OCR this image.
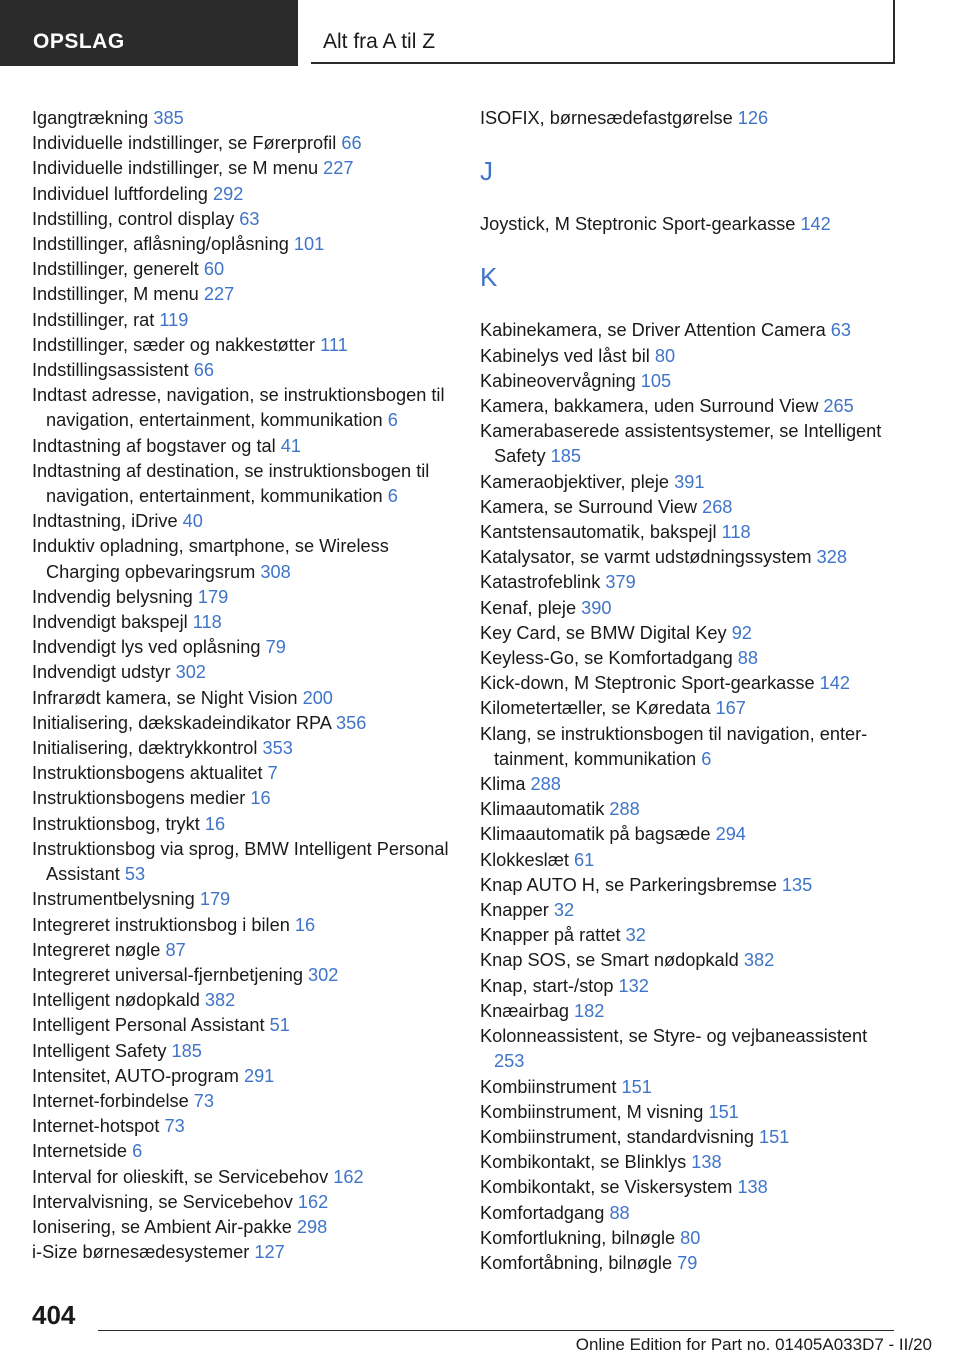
OPSLAG	Alt fra A til Z

Igangtrækning 385

Individuelle indstillinger, se Førerprofil 66

Individuelle indstillinger, se M menu 227

Individuel luftfordeling 292

Indstilling, control display 63

Indstillinger, aflåsning/oplåsning 101

Indstillinger, generelt 60

Indstillinger, M menu 227

Indstillinger, rat 119

Indstillinger, sæder og nakkestøtter 111

Indstillingsassistent 66

Indtast adresse, navigation, se instruktionsbogen til navigation, entertainment, kommunikation 6

Indtastning af bogstaver og tal 41

Indtastning af destination, se instruktionsbogen til navigation, entertainment, kommunikation 6

Indtastning, iDrive 40

Induktiv opladning, smartphone, se Wireless Charging opbevaringsrum 308

Indvendig belysning 179

Indvendigt bakspejl 118

Indvendigt lys ved oplåsning 79

Indvendigt udstyr 302

Infrarødt kamera, se Night Vision 200

Initialisering, dækskadeindikator RPA 356

Initialisering, dæktrykkontrol 353

Instruktionsbogens aktualitet 7

Instruktionsbogens medier 16

Instruktionsbog, trykt 16

Instruktionsbog via sprog, BMW Intelligent Personal Assistant 53

Instrumentbelysning 179

Integreret instruktionsbog i bilen 16

Integreret nøgle 87

Integreret universal-fjernbetjening 302

Intelligent nødopkald 382

Intelligent Personal Assistant 51

Intelligent Safety 185

Intensitet, AUTO-program 291

Internet-forbindelse 73

Internet-hotspot 73

Internetside 6

Interval for olieskift, se Servicebehov 162

Intervalvisning, se Servicebehov 162

Ionisering, se Ambient Air-pakke 298

i-Size børnesædesystemer 127

ISOFIX, børnesædefastgørelse 126

J

Joystick, M Steptronic Sport-gearkasse 142

K

Kabinekamera, se Driver Attention Camera 63

Kabinelys ved låst bil 80

Kabineovervågning 105

Kamera, bakkamera, uden Surround View 265

Kamerabaserede assistentsystemer, se Intelligent Safety 185

Kameraobjektiver, pleje 391

Kamera, se Surround View 268

Kantstensautomatik, bakspejl 118

Katalysator, se varmt udstødningssystem 328

Katastrofeblink 379

Kenaf, pleje 390

Key Card, se BMW Digital Key 92

Keyless-Go, se Komfortadgang 88

Kick-down, M Steptronic Sport-gearkasse 142

Kilometertæller, se Køredata 167

Klang, se instruktionsbogen til navigation, entertainment, kommunikation 6

Klima 288

Klimaautomatik 288

Klimaautomatik på bagsæde 294

Klokkeslæt 61

Knap AUTO H, se Parkeringsbremse 135

Knapper 32

Knapper på rattet 32

Knap SOS, se Smart nødopkald 382

Knap, start-/stop 132

Knæairbag 182

Kolonneassistent, se Styre- og vejbaneassistent 253

Kombiinstrument 151

Kombiinstrument, M visning 151

Kombiinstrument, standardvisning 151

Kombikontakt, se Blinklys 138

Kombikontakt, se Viskersystem 138

Komfortadgang 88

Komfortlukning, bilnøgle 80

Komfortåbning, bilnøgle 79

404
Online Edition for Part no. 01405A033D7 - II/20
